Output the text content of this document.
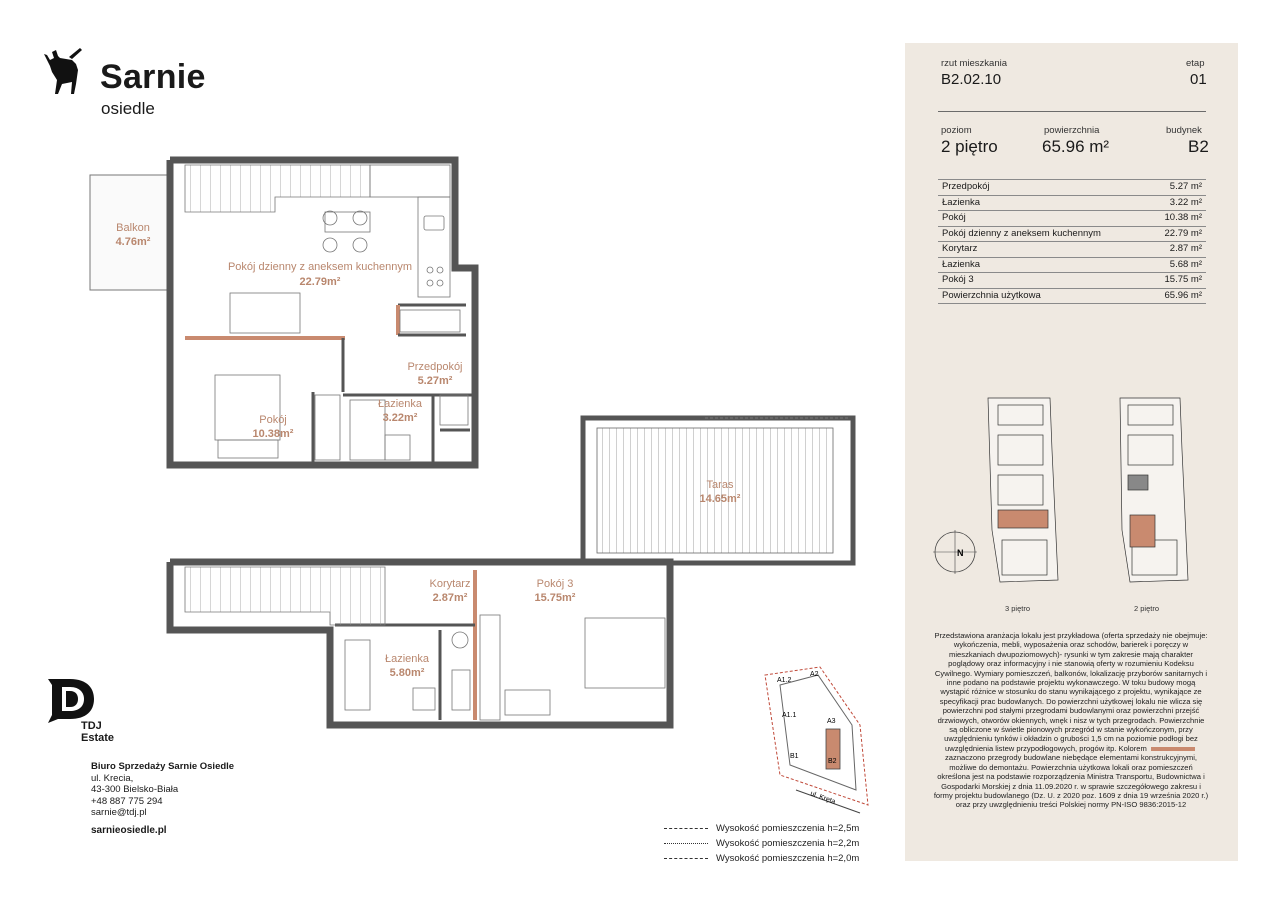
Sarnie
osiedle
Balkon
4.76m²
Pokój dzienny z aneksem kuchennym
22.79m²
Przedpokój
5.27m²
Pokój
10.38m²
Łazienka
3.22m²
Taras
14.65m²
Korytarz
2.87m²
Pokój 3
15.75m²
Łazienka
5.80m²
TDJ
Estate
Biuro Sprzedaży Sarnie Osiedle
ul. Krecia,
43-300 Bielsko-Biała
+48 887 775 294
sarnie@tdj.pl
sarnieosiedle.pl	Wysokość pomieszczenia h=2,5m
Wysokość pomieszczenia h=2,2m
Wysokość pomieszczenia h=2,0m
A1.2
A2
A1.1
A3
B1
B2
ul. Kręta
rzut mieszkania
B2.02.10
etap
01
poziom
2 piętro
powierzchnia
65.96 m²
budynek
B2
Przedpokój	5.27 m²
Łazienka	3.22 m²
Pokój	10.38 m²
Pokój dzienny z aneksem kuchennym	22.79 m²
Korytarz	2.87 m²
Łazienka	5.68 m²
Pokój 3	15.75 m²
Powierzchnia użytkowa	65.96 m²
N
3 piętro	2 piętro
Przedstawiona aranżacja lokalu jest przykładowa (oferta sprzedaży nie obejmuje: wykończenia, mebli, wyposażenia oraz schodów, barierek i poręczy w mieszkaniach dwupoziomowych)- rysunki w tym zakresie mają charakter poglądowy oraz informacyjny i nie stanowią oferty w rozumieniu Kodeksu Cywilnego. Wymiary pomieszczeń, balkonów, lokalizację przyborów sanitarnych i inne podano na podstawie projektu wykonawczego. W toku budowy mogą wystąpić różnice w stosunku do stanu wynikającego z projektu, wynikające ze specyfikacji prac budowlanych. Do powierzchni użytkowej lokalu nie wlicza się powierzchni pod stałymi przegrodami budowlanymi oraz powierzchni przejść drzwiowych, otworów okiennych, wnęk i nisz w tych przegrodach. Powierzchnie są obliczone w świetle pionowych przegród w stanie wykończonym, przy uwzględnieniu tynków i okładzin o grubości 1,5 cm na poziomie podłogi bez uwzględnienia listew przypodłogowych, progów itp. Kolorem  zaznaczono przegrody budowlane niebędące elementami konstrukcyjnymi, możliwe do demontażu. Powierzchnia użytkowa lokali oraz pomieszczeń określona jest na podstawie rozporządzenia Ministra Transportu, Budownictwa i Gospodarki Morskiej z dnia 11.09.2020 r. w sprawie szczegółowego zakresu i formy projektu budowlanego (Dz. U. z 2020 poz. 1609 z dnia 19 września 2020 r.) oraz przy uwzględnieniu treści Polskiej normy PN-ISO 9836:2015-12
